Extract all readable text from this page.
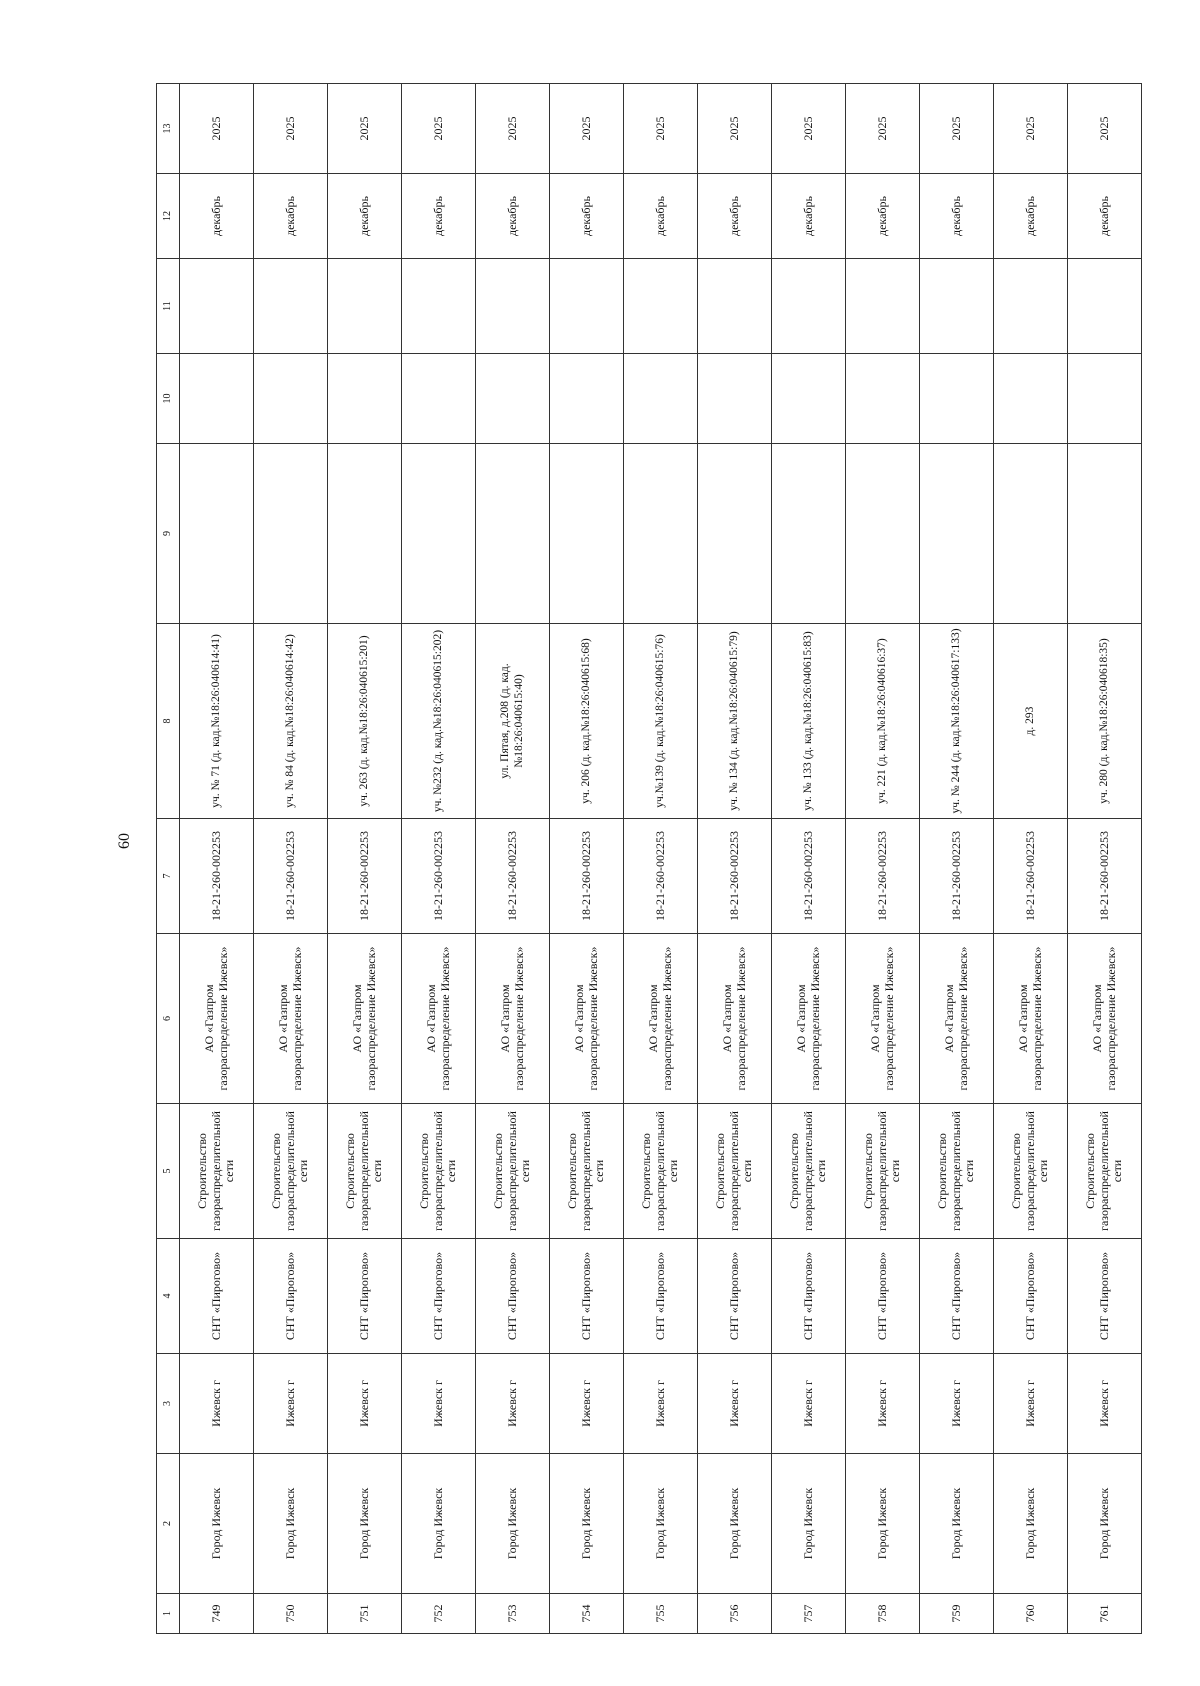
60
1	2	3	4	5	6	7	8	9	10	11	12	13
749	Город Ижевск	Ижевск г	СНТ «Пирогово»	Строительство газораспределительной сети	АО «Газпром газораспределение Ижевск»	18-21-260-002253	уч. № 71 (д. кад.№18:26:040614:41)				декабрь	2025
750	Город Ижевск	Ижевск г	СНТ «Пирогово»	Строительство газораспределительной сети	АО «Газпром газораспределение Ижевск»	18-21-260-002253	уч. № 84 (д. кад.№18:26:040614:42)				декабрь	2025
751	Город Ижевск	Ижевск г	СНТ «Пирогово»	Строительство газораспределительной сети	АО «Газпром газораспределение Ижевск»	18-21-260-002253	уч. 263 (д. кад.№18:26:040615:201)				декабрь	2025
752	Город Ижевск	Ижевск г	СНТ «Пирогово»	Строительство газораспределительной сети	АО «Газпром газораспределение Ижевск»	18-21-260-002253	уч. №232 (д. кад.№18:26:040615:202)				декабрь	2025
753	Город Ижевск	Ижевск г	СНТ «Пирогово»	Строительство газораспределительной сети	АО «Газпром газораспределение Ижевск»	18-21-260-002253	ул. Пятая, д.208 (д. кад.№18:26:040615:40)				декабрь	2025
754	Город Ижевск	Ижевск г	СНТ «Пирогово»	Строительство газораспределительной сети	АО «Газпром газораспределение Ижевск»	18-21-260-002253	уч. 206 (д. кад.№18:26:040615:68)				декабрь	2025
755	Город Ижевск	Ижевск г	СНТ «Пирогово»	Строительство газораспределительной сети	АО «Газпром газораспределение Ижевск»	18-21-260-002253	уч.№139 (д. кад.№18:26:040615:76)				декабрь	2025
756	Город Ижевск	Ижевск г	СНТ «Пирогово»	Строительство газораспределительной сети	АО «Газпром газораспределение Ижевск»	18-21-260-002253	уч. № 134 (д. кад.№18:26:040615:79)				декабрь	2025
757	Город Ижевск	Ижевск г	СНТ «Пирогово»	Строительство газораспределительной сети	АО «Газпром газораспределение Ижевск»	18-21-260-002253	уч. № 133 (д. кад.№18:26:040615:83)				декабрь	2025
758	Город Ижевск	Ижевск г	СНТ «Пирогово»	Строительство газораспределительной сети	АО «Газпром газораспределение Ижевск»	18-21-260-002253	уч. 221 (д. кад.№18:26:040616:37)				декабрь	2025
759	Город Ижевск	Ижевск г	СНТ «Пирогово»	Строительство газораспределительной сети	АО «Газпром газораспределение Ижевск»	18-21-260-002253	уч. № 244 (д. кад.№18:26:040617:133)				декабрь	2025
760	Город Ижевск	Ижевск г	СНТ «Пирогово»	Строительство газораспределительной сети	АО «Газпром газораспределение Ижевск»	18-21-260-002253	д. 293				декабрь	2025
761	Город Ижевск	Ижевск г	СНТ «Пирогово»	Строительство газораспределительной сети	АО «Газпром газораспределение Ижевск»	18-21-260-002253	уч. 280 (д. кад.№18:26:040618:35)				декабрь	2025
